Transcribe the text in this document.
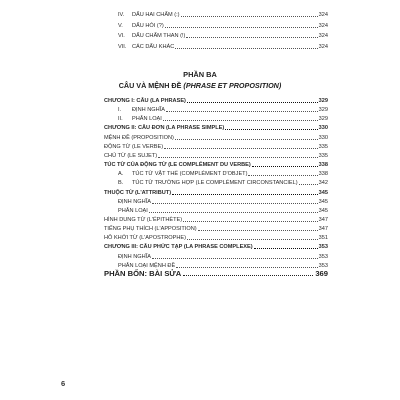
PHẦN BA
CÂU VÀ MỆNH ĐỀ (PHRASE ET PROPOSITION)
PHẦN BỐN: BÀI SỬA	369
6
IV.	DẤU HAI CHẤM (:)	324
V.	DẤU HỎI (?)	324
VI.	DẤU CHẤM THAN (!)	324
VII. CÁC DẤU KHÁC	324
CHƯƠNG I: CÂU (LA PHRASE)	329
I.	ĐỊNH NGHĨA	329
II.	PHÂN LOẠI	329
CHƯƠNG II: CÂU ĐƠN (LA PHRASE SIMPLE)	330
MỆNH ĐỀ (PROPOSITION)	330
ĐỘNG TỪ (LE VERBE)	335
CHỦ TỪ (LE SUJET)	335
TÚC TỪ CỦA ĐỘNG TỪ (LE COMPLÉMENT DU VERBE)	338
A.	TÚC TỪ VẬT THỂ (COMPLÉMENT D'OBJET)	338
B.	TÚC TỪ TRƯỜNG HỢP (LE COMPLÉMENT CIRCONSTANCIEL)	342
THUỘC TỪ (L'ATTRIBUT)	345
ĐỊNH NGHĨA	345
PHÂN LOẠI	345
HÌNH DUNG TỪ (L'ÉPITHÈTE)	347
TIẾNG PHỤ THÍCH (L'APPOSITION)	347
HÔ KHỞI TỪ (L'APOSTROPHE)	351
CHƯƠNG III: CÂU PHỨC TẠP (LA PHRASE COMPLEXE)	353
ĐỊNH NGHĨA	353
PHÂN LOẠI MỆNH ĐỀ	353
